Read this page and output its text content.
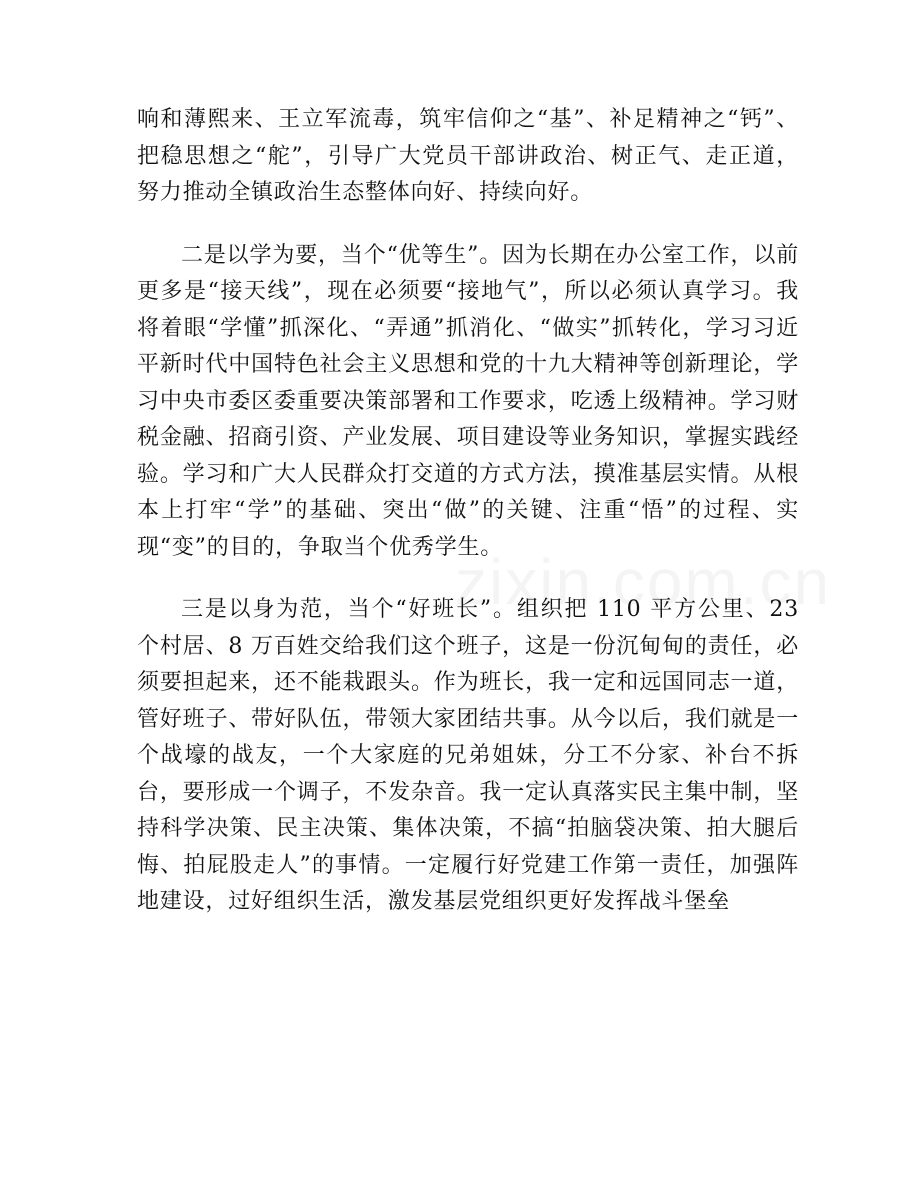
响和薄熙来、王立军流毒，筑牢信仰之“基”、补足精神之“钙”、把稳思想之“舵”，引导广大党员干部讲政治、树正气、走正道，努力推动全镇政治生态整体向好、持续向好。

二是以学为要，当个“优等生”。因为长期在办公室工作，以前更多是“接天线”，现在必须要“接地气”，所以必须认真学习。我将着眼“学懂”抓深化、“弄通”抓消化、“做实”抓转化，学习习近平新时代中国特色社会主义思想和党的十九大精神等创新理论，学习中央市委区委重要决策部署和工作要求，吃透上级精神。学习财税金融、招商引资、产业发展、项目建设等业务知识，掌握实践经验。学习和广大人民群众打交道的方式方法，摸准基层实情。从根本上打牢“学”的基础、突出“做”的关键、注重“悟”的过程、实现“变”的目的，争取当个优秀学生。

三是以身为范，当个“好班长”。组织把 110 平方公里、23 个村居、8 万百姓交给我们这个班子，这是一份沉甸甸的责任，必须要担起来，还不能栽跟头。作为班长，我一定和远国同志一道，管好班子、带好队伍，带领大家团结共事。从今以后，我们就是一个战壕的战友，一个大家庭的兄弟姐妹，分工不分家、补台不拆台，要形成一个调子，不发杂音。我一定认真落实民主集中制，坚持科学决策、民主决策、集体决策，不搞“拍脑袋决策、拍大腿后悔、拍屁股走人”的事情。一定履行好党建工作第一责任，加强阵地建设，过好组织生活，激发基层党组织更好发挥战斗堡垒
